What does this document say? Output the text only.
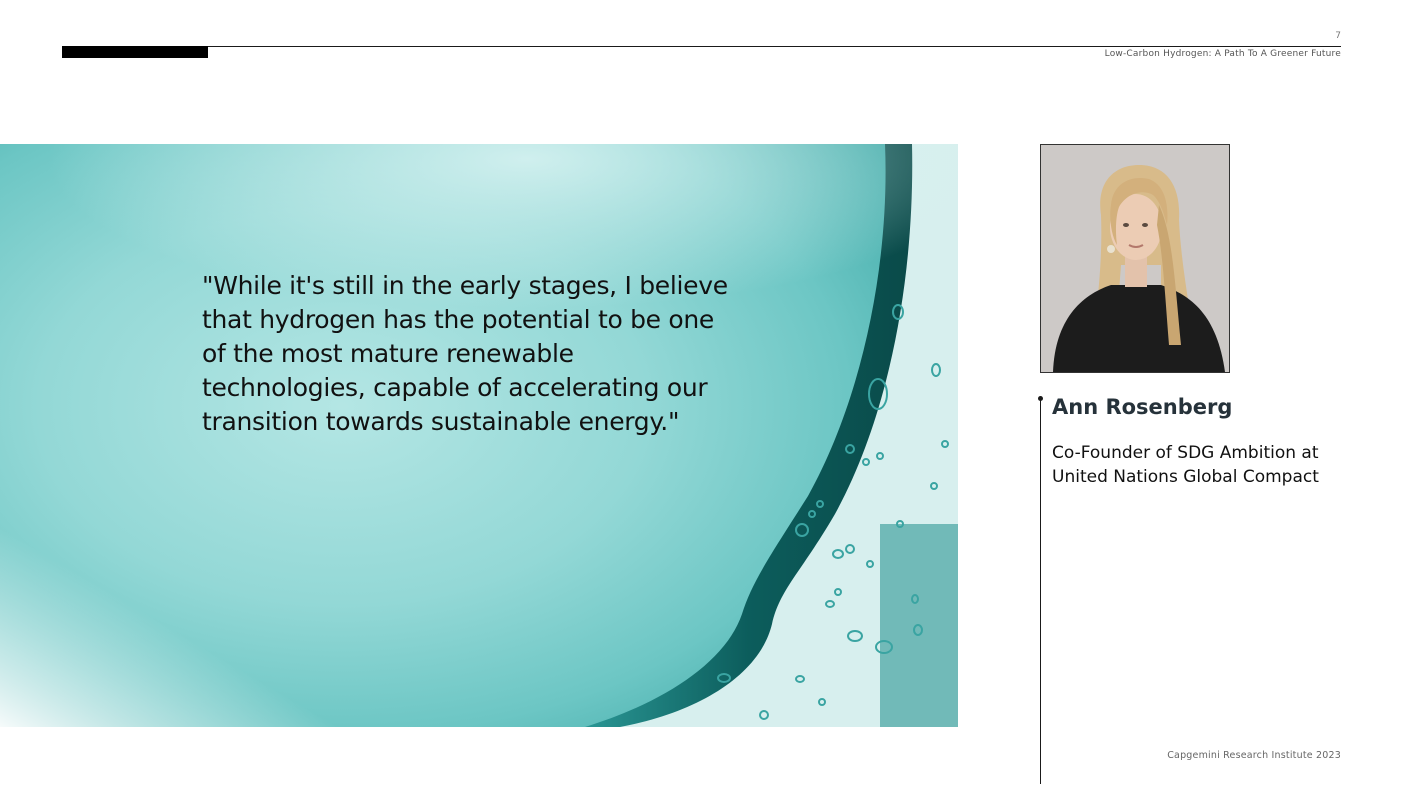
7
Low-Carbon Hydrogen: A Path To A Greener Future
"While it's still in the early stages, I believe that hydrogen has the potential to be one of the most mature renewable technologies, capable of accelerating our transition towards sustainable energy."	Ann Rosenberg
Co-Founder of SDG Ambition at United Nations Global Compact
Capgemini Research Institute 2023
